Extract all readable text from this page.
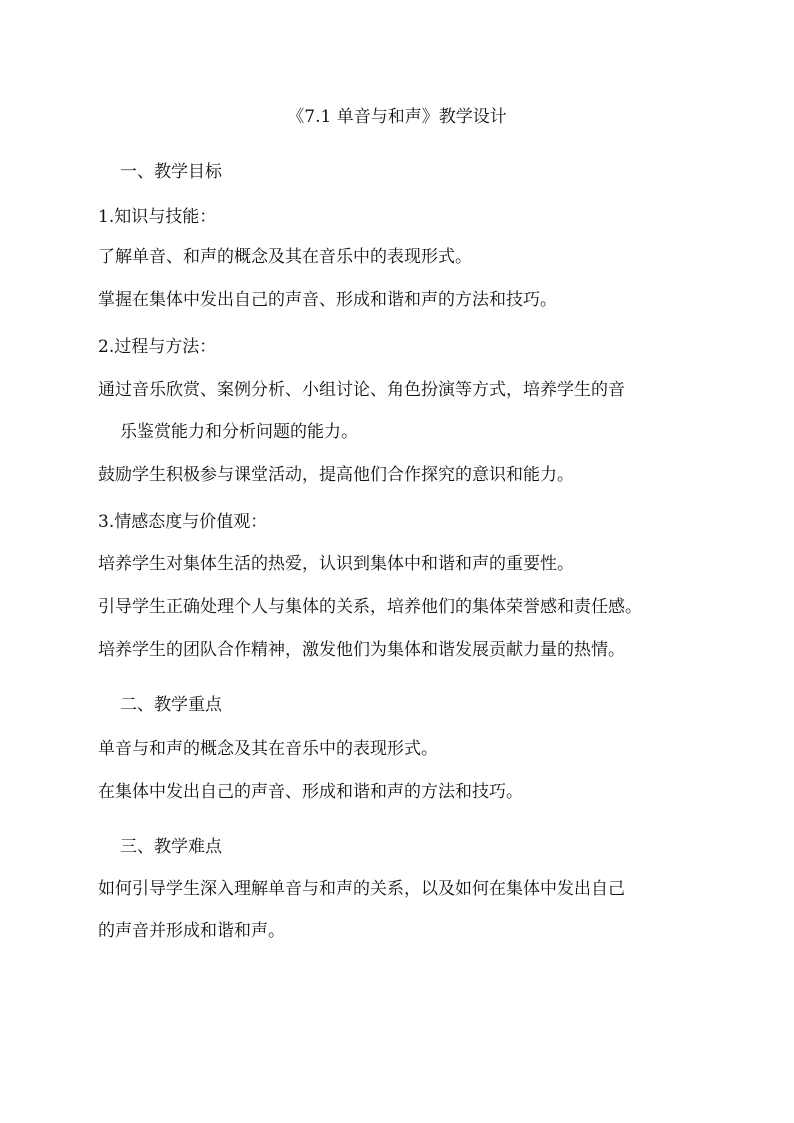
《7.1 单音与和声》教学设计
一、教学目标
1.知识与技能：
了解单音、和声的概念及其在音乐中的表现形式。
掌握在集体中发出自己的声音、形成和谐和声的方法和技巧。
2.过程与方法：
通过音乐欣赏、案例分析、小组讨论、角色扮演等方式，培养学生的音
乐鉴赏能力和分析问题的能力。
鼓励学生积极参与课堂活动，提高他们合作探究的意识和能力。
3.情感态度与价值观：
培养学生对集体生活的热爱，认识到集体中和谐和声的重要性。
引导学生正确处理个人与集体的关系，培养他们的集体荣誉感和责任感。
培养学生的团队合作精神，激发他们为集体和谐发展贡献力量的热情。
二、教学重点
单音与和声的概念及其在音乐中的表现形式。
在集体中发出自己的声音、形成和谐和声的方法和技巧。
三、教学难点
如何引导学生深入理解单音与和声的关系，以及如何在集体中发出自己
的声音并形成和谐和声。
